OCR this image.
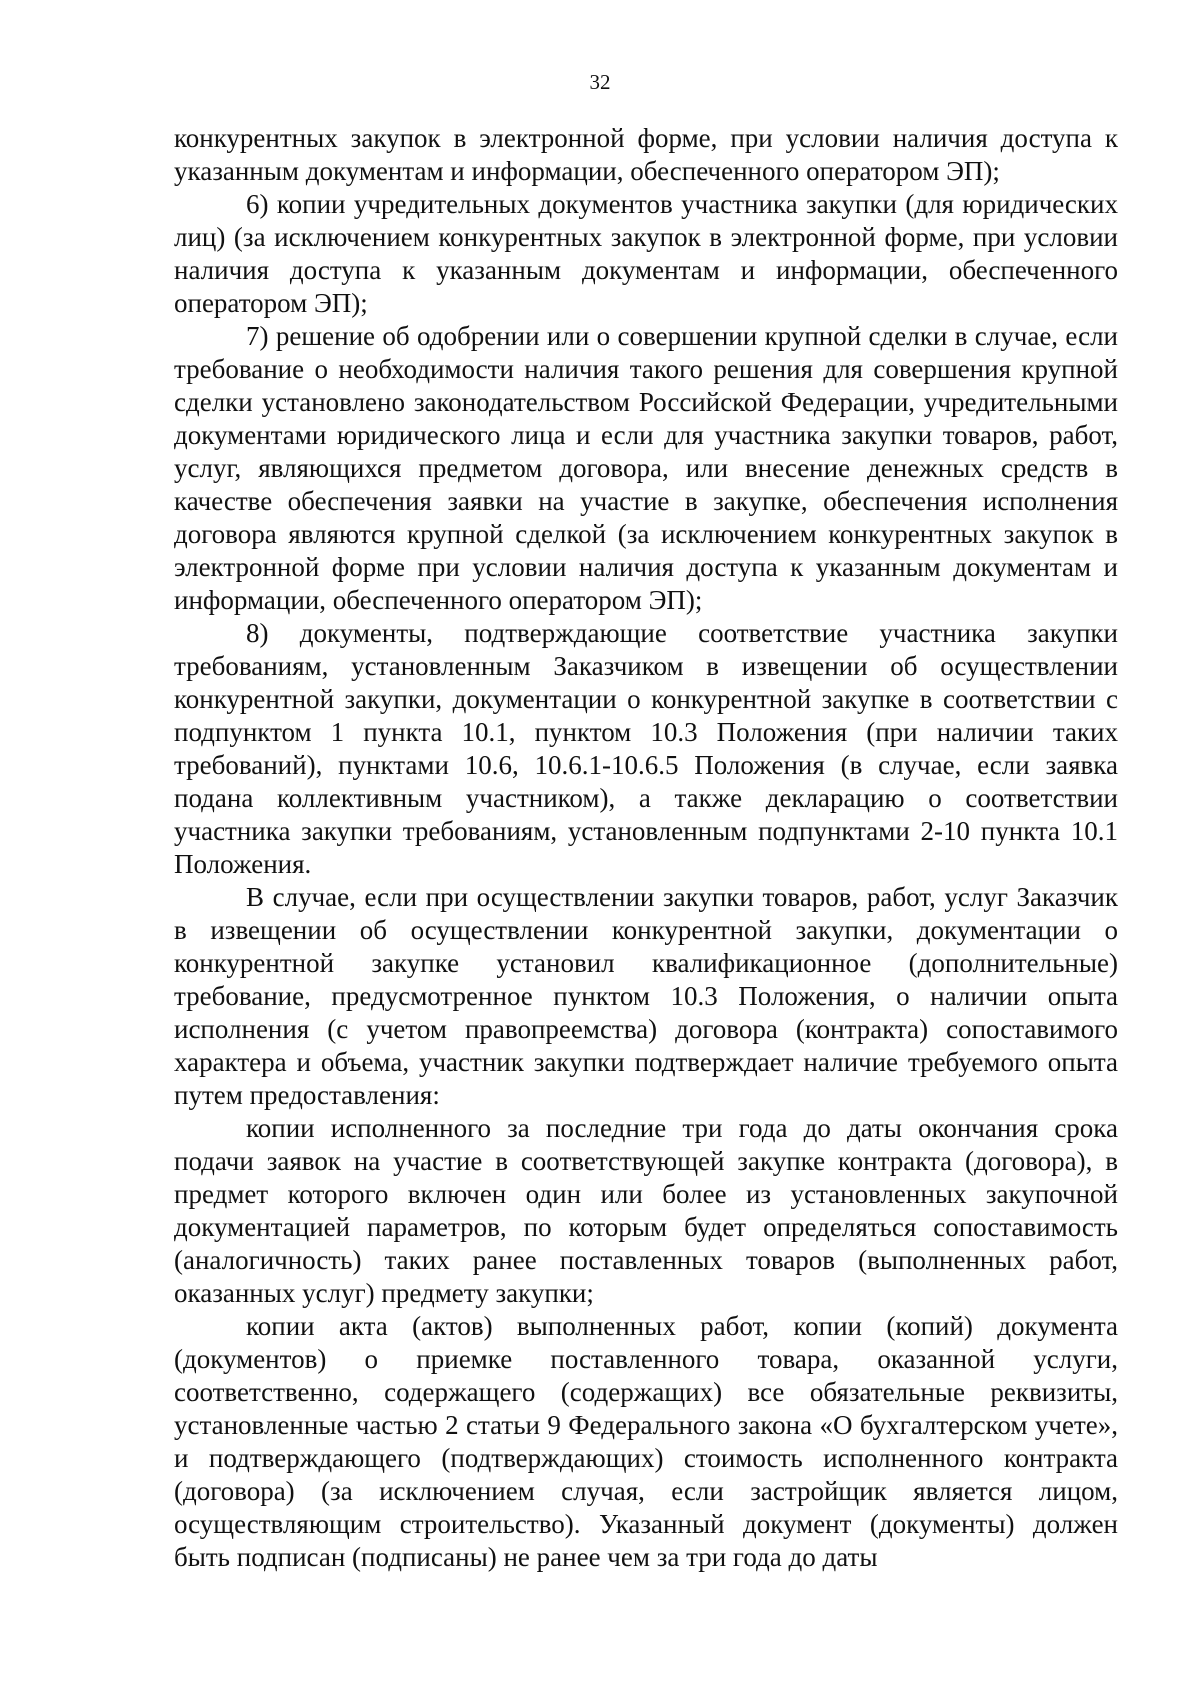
32

конкурентных закупок в электронной форме, при условии наличия доступа к указанным документам и информации, обеспеченного оператором ЭП);

6) копии учредительных документов участника закупки (для юридических лиц) (за исключением конкурентных закупок в электронной форме, при условии наличия доступа к указанным документам и информации, обеспеченного оператором ЭП);

7) решение об одобрении или о совершении крупной сделки в случае, если требование о необходимости наличия такого решения для совершения крупной сделки установлено законодательством Российской Федерации, учредительными документами юридического лица и если для участника закупки товаров, работ, услуг, являющихся предметом договора, или внесение денежных средств в качестве обеспечения заявки на участие в закупке, обеспечения исполнения договора являются крупной сделкой (за исключением конкурентных закупок в электронной форме при условии наличия доступа к указанным документам и информации, обеспеченного оператором ЭП);

8) документы, подтверждающие соответствие участника закупки требованиям, установленным Заказчиком в извещении об осуществлении конкурентной закупки, документации о конкурентной закупке в соответствии с подпунктом 1 пункта 10.1, пунктом 10.3 Положения (при наличии таких требований), пунктами 10.6, 10.6.1-10.6.5 Положения (в случае, если заявка подана коллективным участником), а также декларацию о соответствии участника закупки требованиям, установленным подпунктами 2-10 пункта 10.1 Положения.

В случае, если при осуществлении закупки товаров, работ, услуг Заказчик в извещении об осуществлении конкурентной закупки, документации о конкурентной закупке установил квалификационное (дополнительные) требование, предусмотренное пунктом 10.3 Положения, о наличии опыта исполнения (с учетом правопреемства) договора (контракта) сопоставимого характера и объема, участник закупки подтверждает наличие требуемого опыта путем предоставления:

копии исполненного за последние три года до даты окончания срока подачи заявок на участие в соответствующей закупке контракта (договора), в предмет которого включен один или более из установленных закупочной документацией параметров, по которым будет определяться сопоставимость (аналогичность) таких ранее поставленных товаров (выполненных работ, оказанных услуг) предмету закупки;

копии акта (актов) выполненных работ, копии (копий) документа (документов) о приемке поставленного товара, оказанной услуги, соответственно, содержащего (содержащих) все обязательные реквизиты, установленные частью 2 статьи 9 Федерального закона «О бухгалтерском учете», и подтверждающего (подтверждающих) стоимость исполненного контракта (договора) (за исключением случая, если застройщик является лицом, осуществляющим строительство). Указанный документ (документы) должен быть подписан (подписаны) не ранее чем за три года до даты
